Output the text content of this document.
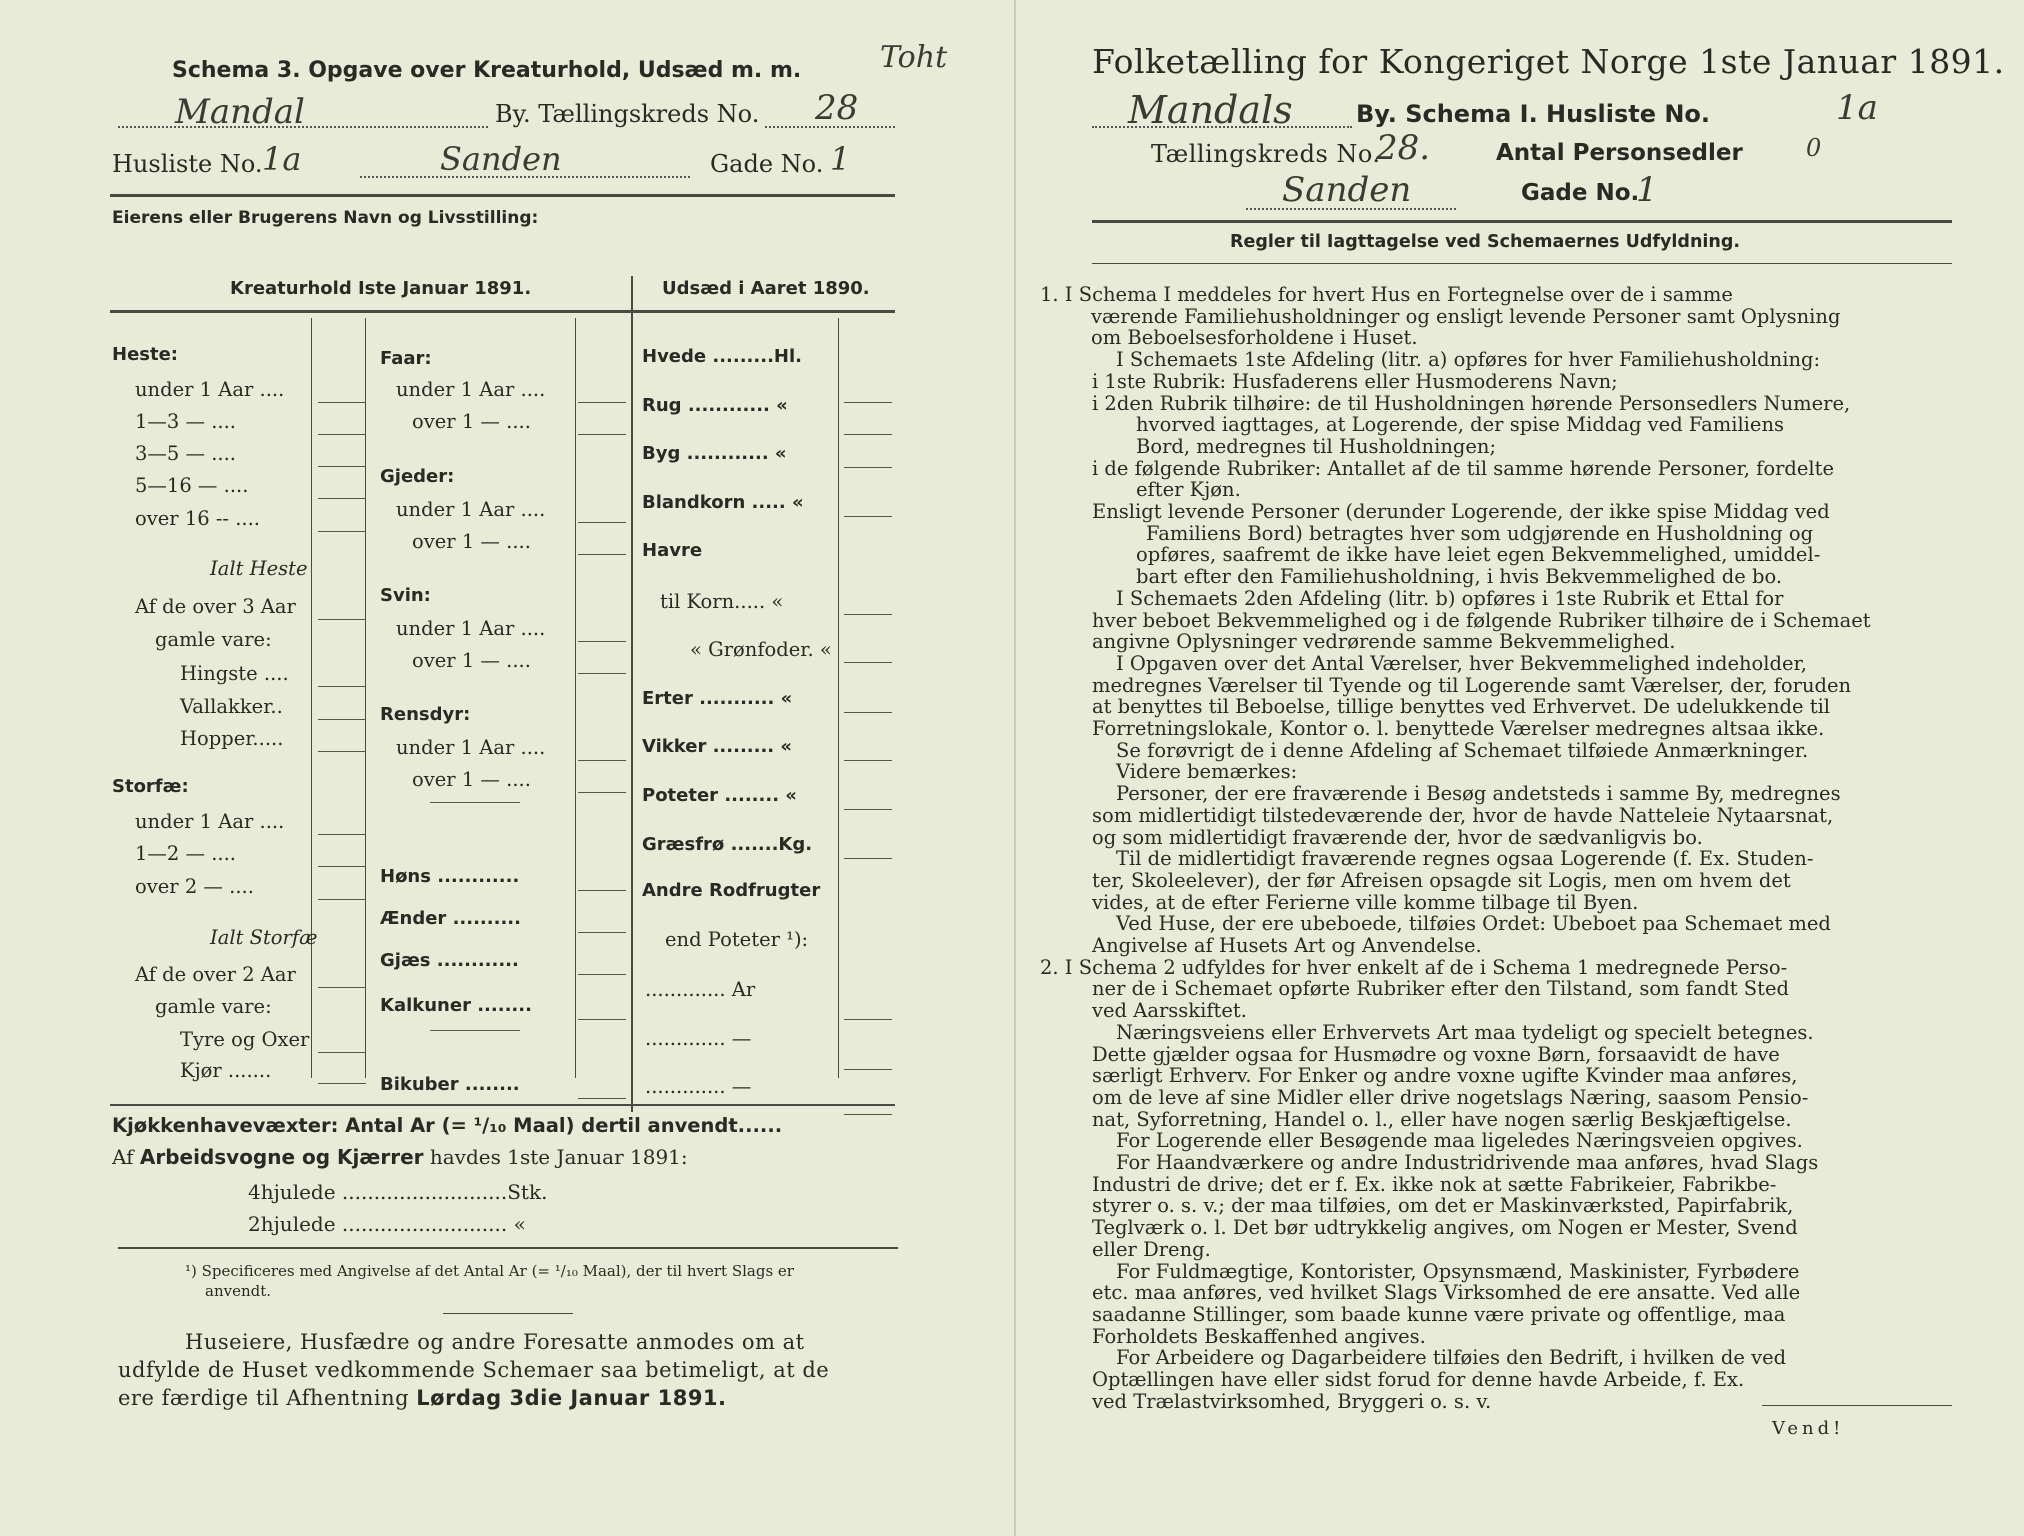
Schema 3. Opgave over Kreaturhold, Udsæd m. m.	Toht
Mandal	By. Tællingskreds No. 28
Husliste No. 1a	Sanden	Gade No. 1
Eierens eller Brugerens Navn og Livsstilling:
Kreaturhold Iste Januar 1891.	Udsæd i Aaret 1890.
Heste:
under 1 Aar ....
1—3 — ....
3—5 — ....
5—16 — ....
over 16 -- ....
Ialt Heste
Af de over 3 Aar
gamle vare:
Hingste ....
Vallakker..
Hopper.....
Storfæ:
under 1 Aar ....
1—2 — ....
over 2 — ....
Ialt Storfæ
Af de over 2 Aar
gamle vare:
Tyre og Oxer
Kjør .......
Faar:
under 1 Aar ....
over 1 — ....
Gjeder:
under 1 Aar ....
over 1 — ....
Svin:
under 1 Aar ....
over 1 — ....
Rensdyr:
under 1 Aar ....
over 1 — ....
Høns ............
Ænder ..........
Gjæs ............
Kalkuner ........
Bikuber ........
Hvede .........Hl.
Rug ............ «
Byg ............ «
Blandkorn ..... «
Havre
til Korn..... «
« Grønfoder. «
Erter ........... «
Vikker ......... «
Poteter ........ «
Græsfrø .......Kg.
Andre Rodfrugter
end Poteter ¹):
............. Ar
............. —
............. —
Kjøkkenhavevæxter: Antal Ar (= ¹/₁₀ Maal) dertil anvendt......
Af Arbeidsvogne og Kjærrer havdes 1ste Januar 1891:
4hjulede ..........................Stk.
2hjulede .......................... «
¹) Specificeres med Angivelse af det Antal Ar (= ¹/₁₀ Maal), der til hvert Slags er
anvendt.
Huseiere, Husfædre og andre Foresatte anmodes om at
udfylde de Huset vedkommende Schemaer saa betimeligt, at de
ere færdige til Afhentning Lørdag 3die Januar 1891.
Folketælling for Kongeriget Norge 1ste Januar 1891.
Mandals	By. Schema I. Husliste No.	1a
Tællingskreds No.
28.	Antal Personsedler	0
Sanden	Gade No.
1
Regler til Iagttagelse ved Schemaernes Udfyldning.
1. I Schema I meddeles for hvert Hus en Fortegnelse over de i samme
værende Familiehusholdninger og ensligt levende Personer samt Oplysning
om Beboelsesforholdene i Huset.
I Schemaets 1ste Afdeling (litr. a) opføres for hver Familiehusholdning:
i 1ste Rubrik: Husfaderens eller Husmoderens Navn;
i 2den Rubrik tilhøire: de til Husholdningen hørende Personsedlers Numere,
hvorved iagttages, at Logerende, der spise Middag ved Familiens
Bord, medregnes til Husholdningen;
i de følgende Rubriker: Antallet af de til samme hørende Personer, fordelte
efter Kjøn.
Ensligt levende Personer (derunder Logerende, der ikke spise Middag ved
Familiens Bord) betragtes hver som udgjørende en Husholdning og
opføres, saafremt de ikke have leiet egen Bekvemmelighed, umiddel-
bart efter den Familiehusholdning, i hvis Bekvemmelighed de bo.
I Schemaets 2den Afdeling (litr. b) opføres i 1ste Rubrik et Ettal for
hver beboet Bekvemmelighed og i de følgende Rubriker tilhøire de i Schemaet
angivne Oplysninger vedrørende samme Bekvemmelighed.
I Opgaven over det Antal Værelser, hver Bekvemmelighed indeholder,
medregnes Værelser til Tyende og til Logerende samt Værelser, der, foruden
at benyttes til Beboelse, tillige benyttes ved Erhvervet. De udelukkende til
Forretningslokale, Kontor o. l. benyttede Værelser medregnes altsaa ikke.
Se forøvrigt de i denne Afdeling af Schemaet tilføiede Anmærkninger.
Videre bemærkes:
Personer, der ere fraværende i Besøg andetsteds i samme By, medregnes
som midlertidigt tilstedeværende der, hvor de havde Natteleie Nytaarsnat,
og som midlertidigt fraværende der, hvor de sædvanligvis bo.
Til de midlertidigt fraværende regnes ogsaa Logerende (f. Ex. Studen-
ter, Skoleelever), der før Afreisen opsagde sit Logis, men om hvem det
vides, at de efter Ferierne ville komme tilbage til Byen.
Ved Huse, der ere ubeboede, tilføies Ordet: Ubeboet paa Schemaet med
Angivelse af Husets Art og Anvendelse.
2. I Schema 2 udfyldes for hver enkelt af de i Schema 1 medregnede Perso-
ner de i Schemaet opførte Rubriker efter den Tilstand, som fandt Sted
ved Aarsskiftet.
Næringsveiens eller Erhvervets Art maa tydeligt og specielt betegnes.
Dette gjælder ogsaa for Husmødre og voxne Børn, forsaavidt de have
særligt Erhverv. For Enker og andre voxne ugifte Kvinder maa anføres,
om de leve af sine Midler eller drive nogetslags Næring, saasom Pensio-
nat, Syforretning, Handel o. l., eller have nogen særlig Beskjæftigelse.
For Logerende eller Besøgende maa ligeledes Næringsveien opgives.
For Haandværkere og andre Industridrivende maa anføres, hvad Slags
Industri de drive; det er f. Ex. ikke nok at sætte Fabrikeier, Fabrikbe-
styrer o. s. v.; der maa tilføies, om det er Maskinværksted, Papirfabrik,
Teglværk o. l. Det bør udtrykkelig angives, om Nogen er Mester, Svend
eller Dreng.
For Fuldmægtige, Kontorister, Opsynsmænd, Maskinister, Fyrbødere
etc. maa anføres, ved hvilket Slags Virksomhed de ere ansatte. Ved alle
saadanne Stillinger, som baade kunne være private og offentlige, maa
Forholdets Beskaffenhed angives.
For Arbeidere og Dagarbeidere tilføies den Bedrift, i hvilken de ved
Optællingen have eller sidst forud for denne havde Arbeide, f. Ex.
ved Trælastvirksomhed, Bryggeri o. s. v.
Vend!
